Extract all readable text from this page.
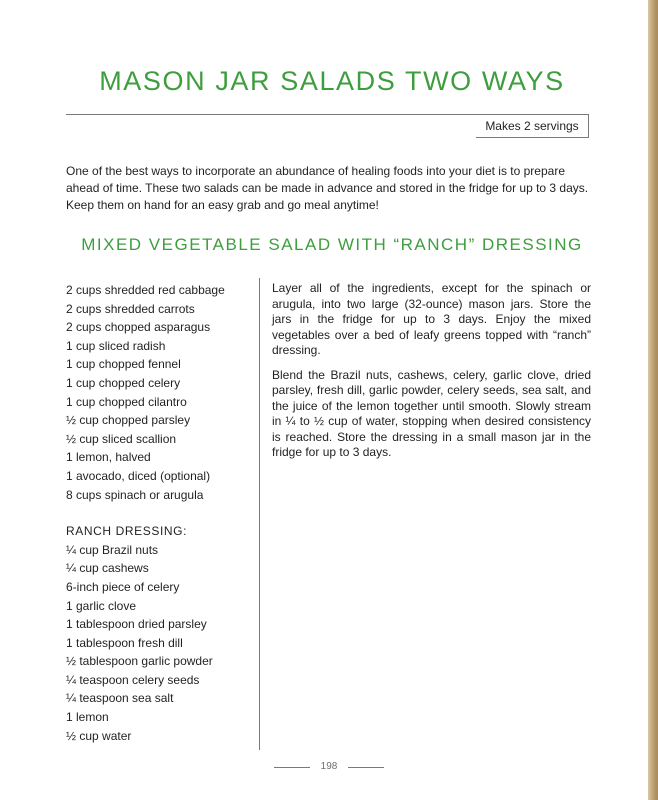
MASON JAR SALADS TWO WAYS
Makes 2 servings

One of the best ways to incorporate an abundance of healing foods into your diet is to prepare ahead of time. These two salads can be made in advance and stored in the fridge for up to 3 days. Keep them on hand for an easy grab and go meal anytime!

MIXED VEGETABLE SALAD WITH “RANCH” DRESSING
2 cups shredded red cabbage
2 cups shredded carrots
2 cups chopped asparagus
1 cup sliced radish
1 cup chopped fennel
1 cup chopped celery
1 cup chopped cilantro
½ cup chopped parsley
½ cup sliced scallion
1 lemon, halved
1 avocado, diced (optional)
8 cups spinach or arugula
RANCH DRESSING:
¼ cup Brazil nuts
¼ cup cashews
6-inch piece of celery
1 garlic clove
1 tablespoon dried parsley
1 tablespoon fresh dill
½ tablespoon garlic powder
¼ teaspoon celery seeds
¼ teaspoon sea salt
1 lemon
½ cup water

Layer all of the ingredients, except for the spinach or arugula, into two large (32-ounce) mason jars. Store the jars in the fridge for up to 3 days. Enjoy the mixed vegetables over a bed of leafy greens topped with “ranch” dressing.

Blend the Brazil nuts, cashews, celery, garlic clove, dried parsley, fresh dill, garlic powder, celery seeds, sea salt, and the juice of the lemon together until smooth. Slowly stream in ¼ to ½ cup of water, stopping when desired consistency is reached. Store the dressing in a small mason jar in the fridge for up to 3 days.

198
